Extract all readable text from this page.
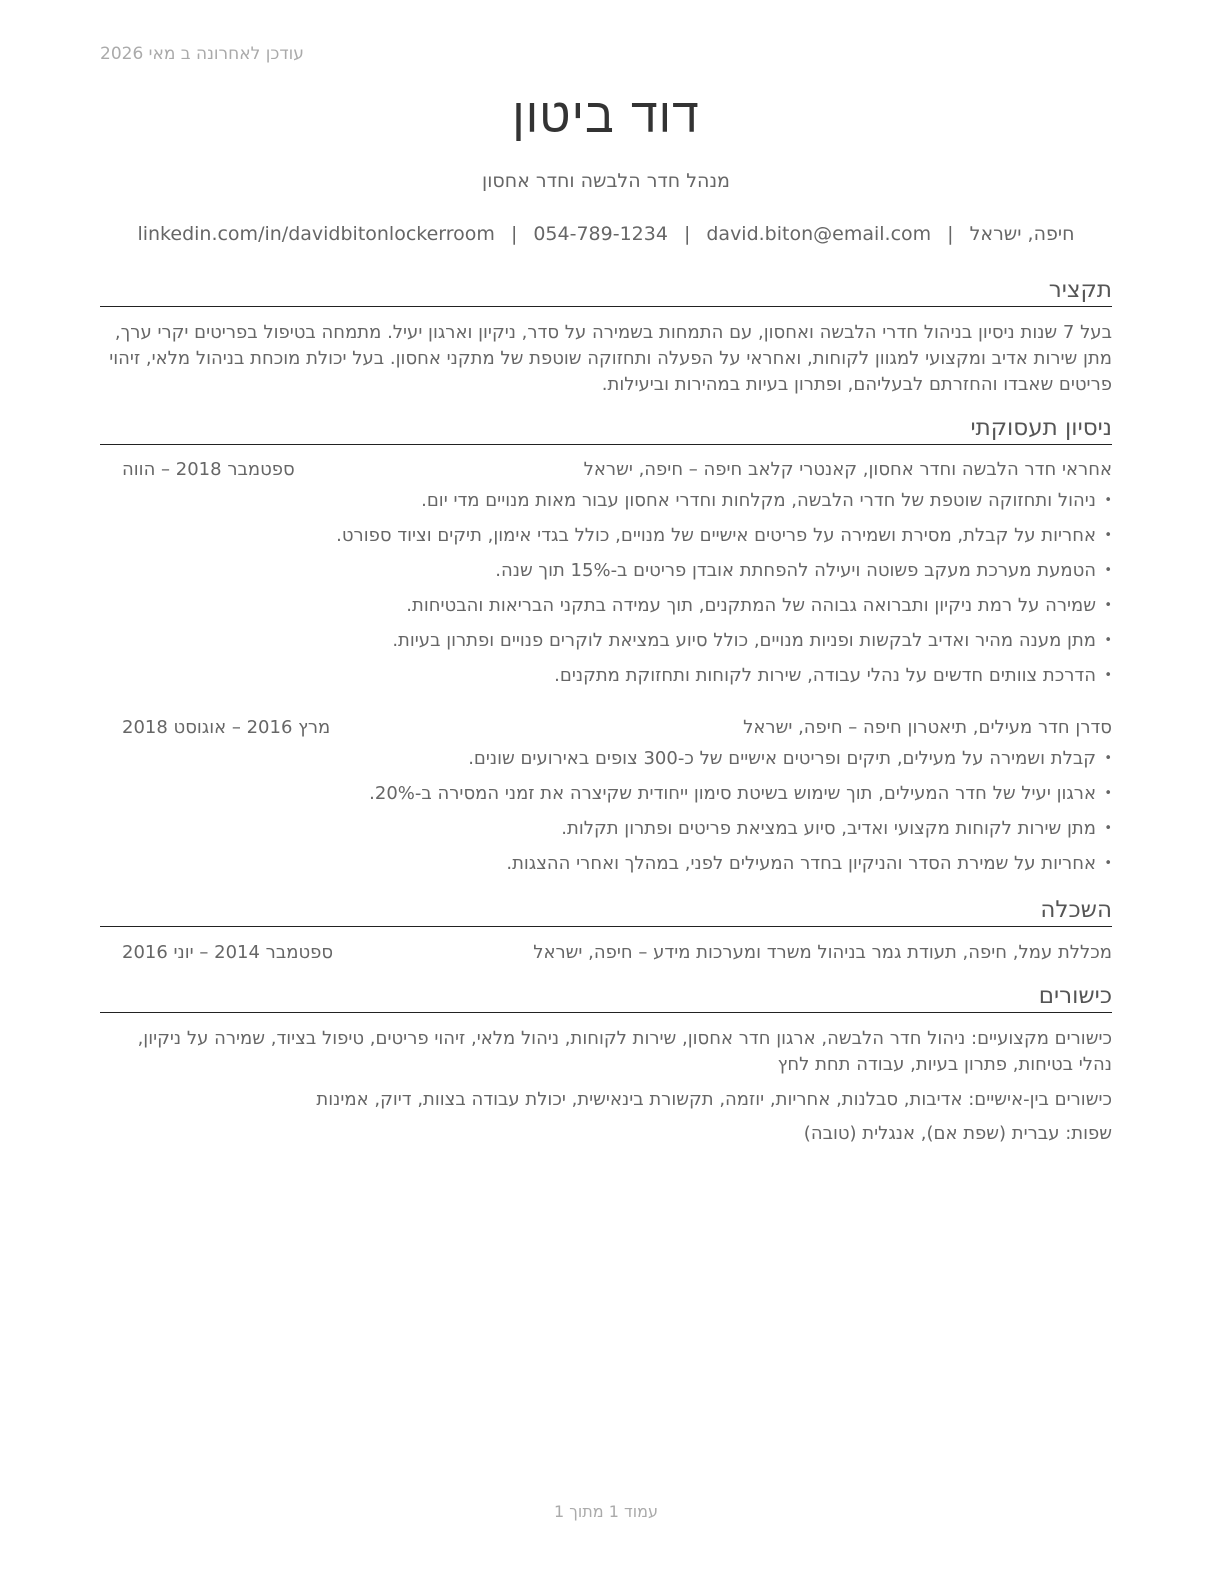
עודכן לאחרונה ב מאי 2026
דוד ביטון
מנהל חדר הלבשה וחדר אחסון
חיפה, ישראל|david.biton@email.com|054-789-1234|linkedin.com/in/davidbitonlockerroom
תקציר
בעל 7 שנות ניסיון בניהול חדרי הלבשה ואחסון, עם התמחות בשמירה על סדר, ניקיון וארגון יעיל. מתמחה בטיפול בפריטים יקרי ערך, מתן שירות אדיב ומקצועי למגוון לקוחות, ואחראי על הפעלה ותחזוקה שוטפת של מתקני אחסון. בעל יכולת מוכחת בניהול מלאי, זיהוי פריטים שאבדו והחזרתם לבעליהם, ופתרון בעיות במהירות וביעילות.
ניסיון תעסוקתי
אחראי חדר הלבשה וחדר אחסון, קאנטרי קלאב חיפה – חיפה, ישראל
ספטמבר 2018 – הווה
• ניהול ותחזוקה שוטפת של חדרי הלבשה, מקלחות וחדרי אחסון עבור מאות מנויים מדי יום.
• אחריות על קבלת, מסירת ושמירה על פריטים אישיים של מנויים, כולל בגדי אימון, תיקים וציוד ספורט.
• הטמעת מערכת מעקב פשוטה ויעילה להפחתת אובדן פריטים ב-15% תוך שנה.
• שמירה על רמת ניקיון ותברואה גבוהה של המתקנים, תוך עמידה בתקני הבריאות והבטיחות.
• מתן מענה מהיר ואדיב לבקשות ופניות מנויים, כולל סיוע במציאת לוקרים פנויים ופתרון בעיות.
• הדרכת צוותים חדשים על נהלי עבודה, שירות לקוחות ותחזוקת מתקנים.
סדרן חדר מעילים, תיאטרון חיפה – חיפה, ישראל
מרץ 2016 – אוגוסט 2018
• קבלת ושמירה על מעילים, תיקים ופריטים אישיים של כ-300 צופים באירועים שונים.
• ארגון יעיל של חדר המעילים, תוך שימוש בשיטת סימון ייחודית שקיצרה את זמני המסירה ב-20%.
• מתן שירות לקוחות מקצועי ואדיב, סיוע במציאת פריטים ופתרון תקלות.
• אחריות על שמירת הסדר והניקיון בחדר המעילים לפני, במהלך ואחרי ההצגות.
השכלה
מכללת עמל, חיפה, תעודת גמר בניהול משרד ומערכות מידע – חיפה, ישראל
ספטמבר 2014 – יוני 2016
כישורים
כישורים מקצועיים: ניהול חדר הלבשה, ארגון חדר אחסון, שירות לקוחות, ניהול מלאי, זיהוי פריטים, טיפול בציוד, שמירה על ניקיון, נהלי בטיחות, פתרון בעיות, עבודה תחת לחץ
כישורים בין-אישיים: אדיבות, סבלנות, אחריות, יוזמה, תקשורת בינאישית, יכולת עבודה בצוות, דיוק, אמינות
שפות: עברית (שפת אם), אנגלית (טובה)
עמוד 1 מתוך 1
